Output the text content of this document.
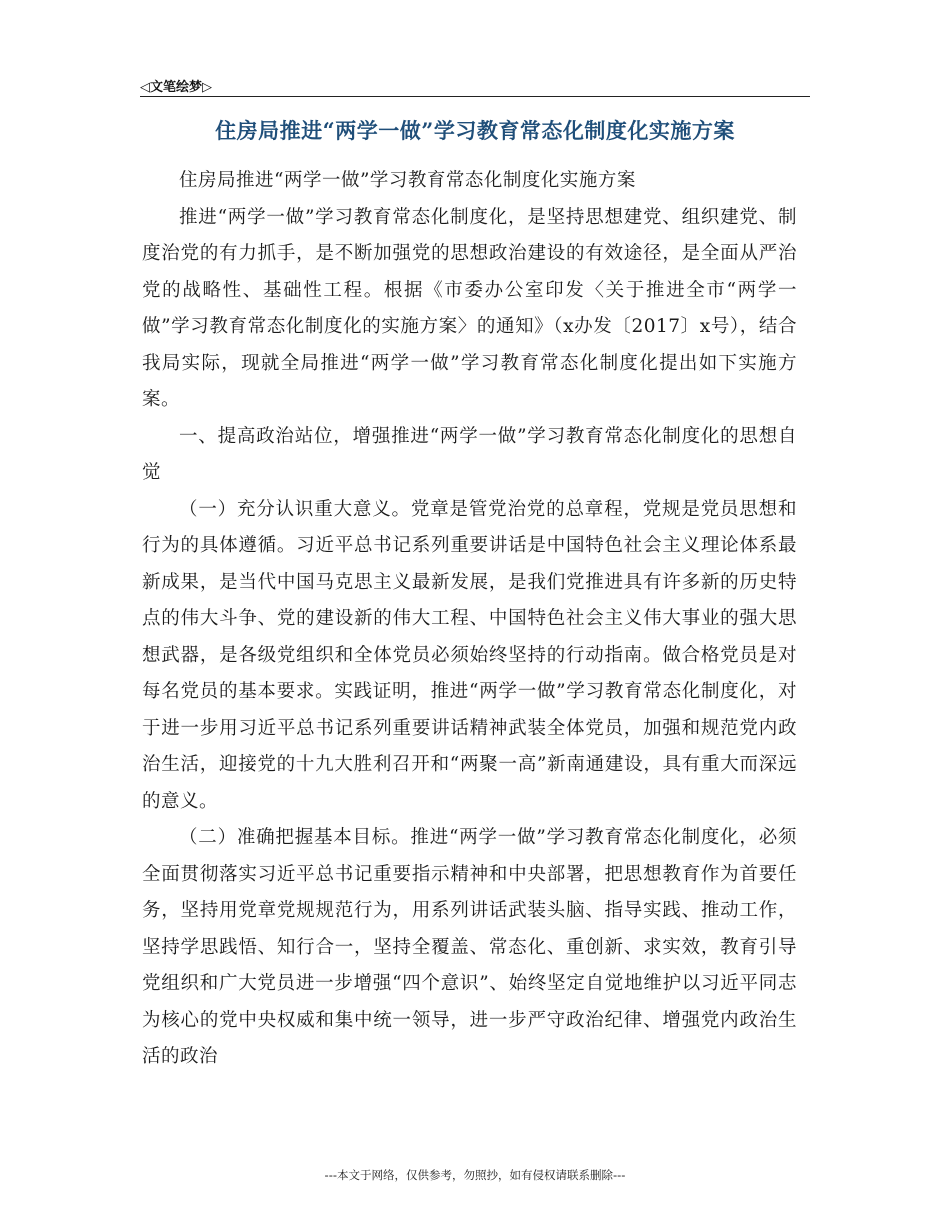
◁文笔绘梦▷
住房局推进“两学一做”学习教育常态化制度化实施方案

住房局推进“两学一做”学习教育常态化制度化实施方案

推进“两学一做”学习教育常态化制度化，是坚持思想建党、组织建党、制度治党的有力抓手，是不断加强党的思想政治建设的有效途径，是全面从严治党的战略性、基础性工程。根据《市委办公室印发〈关于推进全市“两学一做”学习教育常态化制度化的实施方案〉的通知》（x办发〔2017〕x号），结合我局实际，现就全局推进“两学一做”学习教育常态化制度化提出如下实施方案。

一、提高政治站位，增强推进“两学一做”学习教育常态化制度化的思想自觉

（一）充分认识重大意义。党章是管党治党的总章程，党规是党员思想和行为的具体遵循。习近平总书记系列重要讲话是中国特色社会主义理论体系最新成果，是当代中国马克思主义最新发展，是我们党推进具有许多新的历史特点的伟大斗争、党的建设新的伟大工程、中国特色社会主义伟大事业的强大思想武器，是各级党组织和全体党员必须始终坚持的行动指南。做合格党员是对每名党员的基本要求。实践证明，推进“两学一做”学习教育常态化制度化，对于进一步用习近平总书记系列重要讲话精神武装全体党员，加强和规范党内政治生活，迎接党的十九大胜利召开和“两聚一高”新南通建设，具有重大而深远的意义。

（二）准确把握基本目标。推进“两学一做”学习教育常态化制度化，必须全面贯彻落实习近平总书记重要指示精神和中央部署，把思想教育作为首要任务，坚持用党章党规规范行为，用系列讲话武装头脑、指导实践、推动工作，坚持学思践悟、知行合一，坚持全覆盖、常态化、重创新、求实效，教育引导党组织和广大党员进一步增强“四个意识”、始终坚定自觉地维护以习近平同志为核心的党中央权威和集中统一领导，进一步严守政治纪律、增强党内政治生活的政治

---本文于网络，仅供参考，勿照抄，如有侵权请联系删除---
